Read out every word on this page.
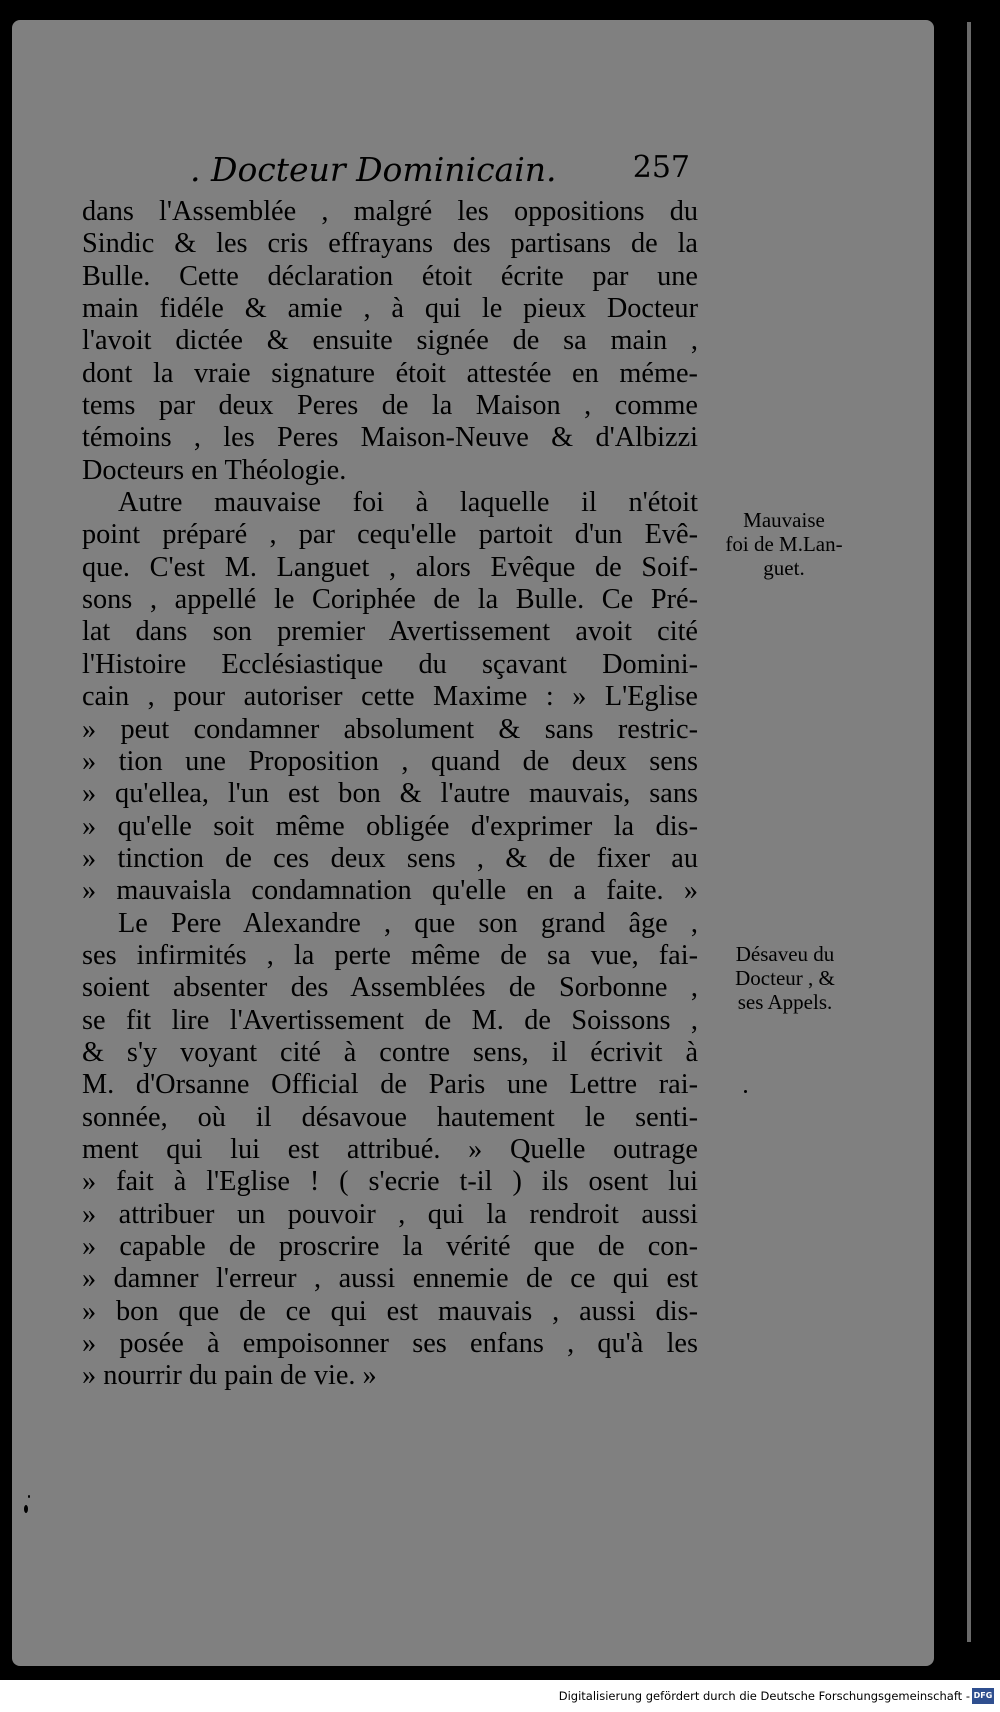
. Docteur Dominicain.	257
dans l'Assemblée , malgré les oppositions du
Sindic & les cris effrayans des partisans de la
Bulle. Cette déclaration étoit écrite par une
main fidéle & amie , à qui le pieux Docteur
l'avoit dictée & ensuite signée de sa main ,
dont la vraie signature étoit attestée en méme-
tems par deux Peres de la Maison , comme
témoins , les Peres Maison-Neuve & d'Albizzi
Docteurs en Théologie.
Autre mauvaise foi à laquelle il n'étoit
point préparé , par cequ'elle partoit d'un Evê-
que. C'est M. Languet , alors Evêque de Soif-
sons , appellé le Coriphée de la Bulle. Ce Pré-
lat dans son premier Avertissement avoit cité
l'Histoire Ecclésiastique du sçavant Domini-
cain , pour autoriser cette Maxime : » L'Eglise
» peut condamner absolument & sans restric-
» tion une Proposition , quand de deux sens
» qu'ellea, l'un est bon & l'autre mauvais, sans
» qu'elle soit même obligée d'exprimer la dis-
» tinction de ces deux sens , & de fixer au
» mauvaisla condamnation qu'elle en a faite. »
Le Pere Alexandre , que son grand âge ,
ses infirmités , la perte même de sa vue, fai-
soient absenter des Assemblées de Sorbonne ,
se fit lire l'Avertissement de M. de Soissons ,
& s'y voyant cité à contre sens, il écrivit à
M. d'Orsanne Official de Paris une Lettre rai-
sonnée, où il désavoue hautement le senti-
ment qui lui est attribué. » Quelle outrage
» fait à l'Eglise ! ( s'ecrie t-il ) ils osent lui
» attribuer un pouvoir , qui la rendroit aussi
» capable de proscrire la vérité que de con-
» damner l'erreur , aussi ennemie de ce qui est
» bon que de ce qui est mauvais , aussi dis-
» posée à empoisonner ses enfans , qu'à les
» nourrir du pain de vie. »
Mauvaise
foi de M.Lan-
guet.
Désaveu du
Docteur , &
ses Appels.
Digitalisierung gefördert durch die Deutsche Forschungsgemeinschaft - DFG
